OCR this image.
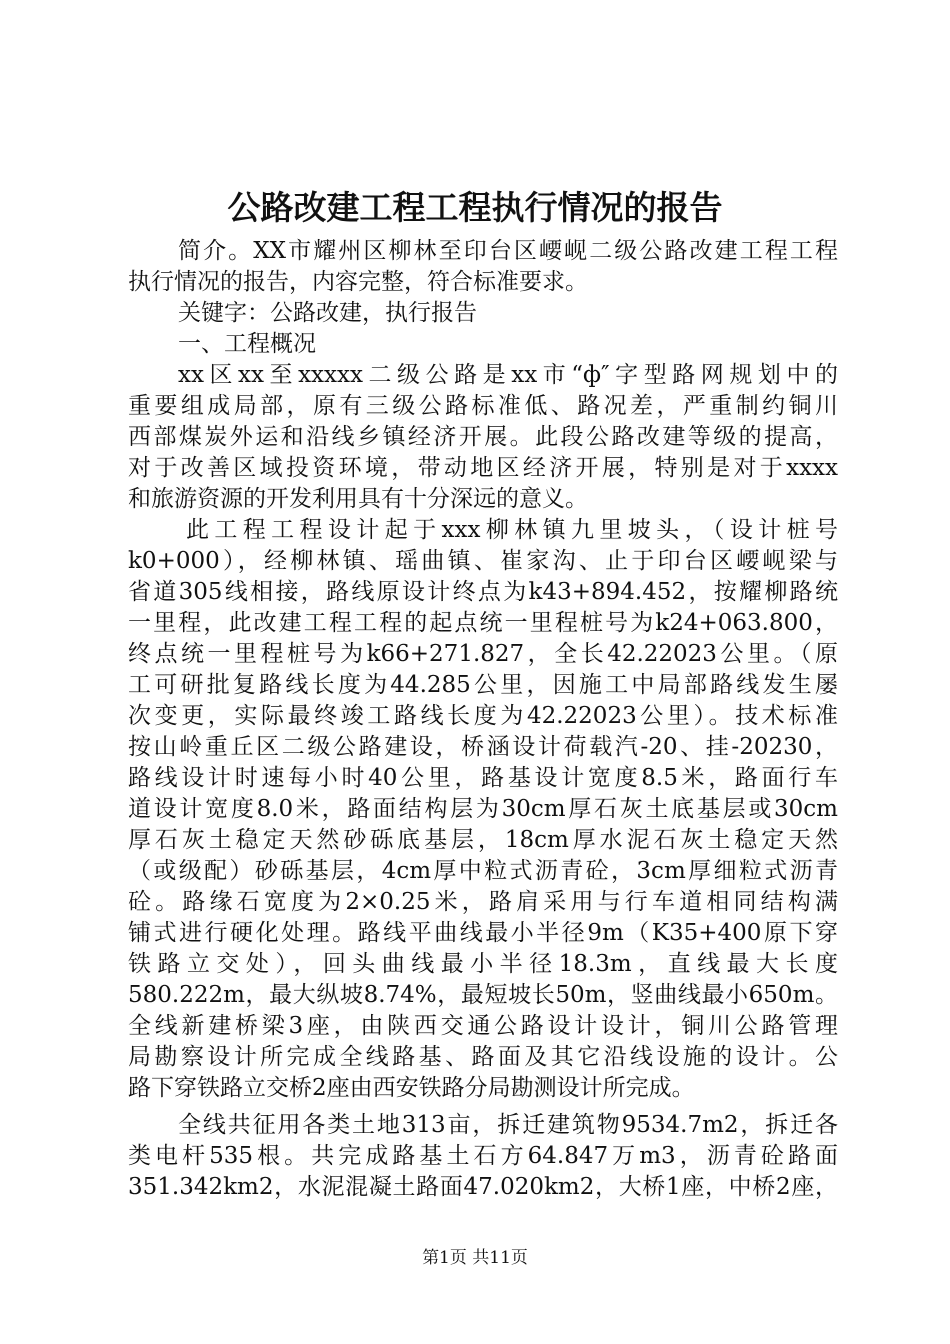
公路改建工程工程执行情况的报告
简介。XX市耀州区柳林至印台区崾岘二级公路改建工程工程
执行情况的报告，内容完整，符合标准要求。
关键字：公路改建，执行报告
一、工程概况
xx区xx至xxxxx二级公路是xx市“ф″字型路网规划中的
重要组成局部，原有三级公路标准低、路况差，严重制约铜川
西部煤炭外运和沿线乡镇经济开展。此段公路改建等级的提高，
对于改善区域投资环境，带动地区经济开展，特别是对于xxxx
和旅游资源的开发利用具有十分深远的意义。
此工程工程设计起于xxx柳林镇九里坡头，（设计桩号
k0+000），经柳林镇、瑶曲镇、崔家沟、止于印台区崾岘梁与
省道305线相接，路线原设计终点为k43+894.452，按耀柳路统
一里程，此改建工程工程的起点统一里程桩号为k24+063.800，
终点统一里程桩号为k66+271.827，全长42.22023公里。（原
工可研批复路线长度为44.285公里，因施工中局部路线发生屡
次变更，实际最终竣工路线长度为42.22023公里）。技术标准
按山岭重丘区二级公路建设，桥涵设计荷载汽-20、挂-20230，
路线设计时速每小时40公里，路基设计宽度8.5米，路面行车
道设计宽度8.0米，路面结构层为30cm厚石灰土底基层或30cm
厚石灰土稳定天然砂砾底基层，18cm厚水泥石灰土稳定天然
（或级配）砂砾基层，4cm厚中粒式沥青砼，3cm厚细粒式沥青
砼。路缘石宽度为2×0.25米，路肩采用与行车道相同结构满
铺式进行硬化处理。路线平曲线最小半径9m（K35+400原下穿
铁路立交处），回头曲线最小半径18.3m，直线最大长度
580.222m，最大纵坡8.74%，最短坡长50m，竖曲线最小650m。
全线新建桥梁3座，由陕西交通公路设计设计，铜川公路管理
局勘察设计所完成全线路基、路面及其它沿线设施的设计。公
路下穿铁路立交桥2座由西安铁路分局勘测设计所完成。
全线共征用各类土地313亩，拆迁建筑物9534.7m2，拆迁各
类电杆535根。共完成路基土石方64.847万m3，沥青砼路面
351.342km2，水泥混凝土路面47.020km2，大桥1座，中桥2座，
第1页 共11页
